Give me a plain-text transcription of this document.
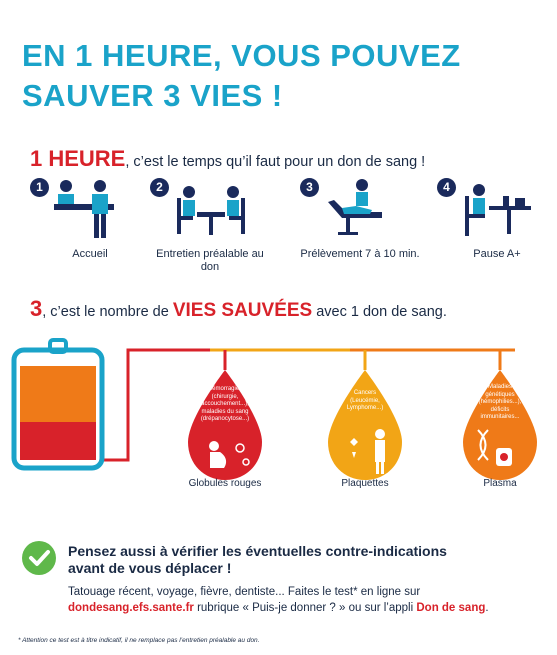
EN 1 HEURE, VOUS POUVEZ
SAUVER 3 VIES !
1 HEURE, c’est le temps qu’il faut pour un don de sang !
1
Accueil
2
Entretien préalable au don
3
Prélèvement 7 à 10 min.
4
Pause A+
3, c’est le nombre de VIES SAUVÉES avec 1 don de sang.
Hémorragies (chirurgie, accouchement...), maladies du sang (drépanocytose...)
Cancers (Leucémie, Lymphome...)
Maladies génétiques (hémophilies...), déficits immunitaires...
Globules rouges	Plaquettes	Plasma
Pensez aussi à vérifier les éventuelles contre-indications
avant de vous déplacer !
Tatouage récent, voyage, fièvre, dentiste... Faites le test* en ligne sur
dondesang.efs.sante.fr rubrique « Puis-je donner ? » ou sur l’appli Don de sang.
* Attention ce test est à titre indicatif, il ne remplace pas l’entretien préalable au don.
